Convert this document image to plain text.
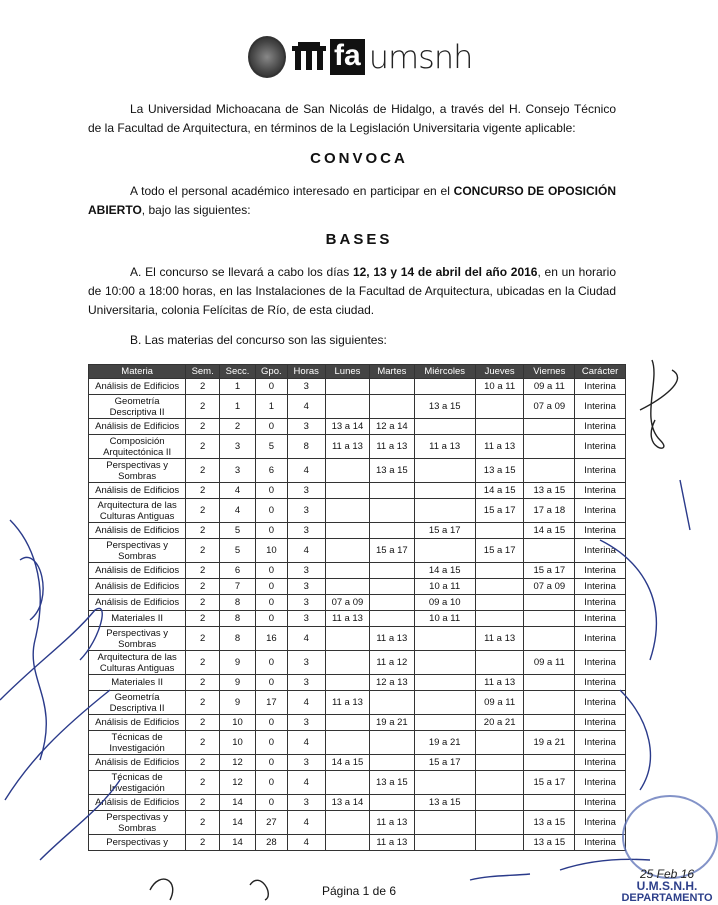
fa umsnh
La Universidad Michoacana de San Nicolás de Hidalgo, a través del H. Consejo Técnico de la Facultad de Arquitectura, en términos de la Legislación Universitaria vigente aplicable:
CONVOCA
A todo el personal académico interesado en participar en el CONCURSO DE OPOSICIÓN ABIERTO, bajo las siguientes:
BASES
A. El concurso se llevará a cabo los días 12, 13 y 14 de abril del año 2016, en un horario de 10:00 a 18:00 horas, en las Instalaciones de la Facultad de Arquitectura, ubicadas en la Ciudad Universitaria, colonia Felícitas de Río, de esta ciudad.
B. Las materias del concurso son las siguientes:
Materia	Sem.	Secc.	Gpo.	Horas	Lunes	Martes	Miércoles	Jueves	Viernes	Carácter
Análisis de Edificios	2	1	0	3				10 a 11	09 a 11	Interina
Geometría Descriptiva II	2	1	1	4			13 a 15		07 a 09	Interina
Análisis de Edificios	2	2	0	3	13 a 14	12 a 14				Interina
Composición Arquitectónica II	2	3	5	8	11 a 13	11 a 13	11 a 13	11 a 13		Interina
Perspectivas y Sombras	2	3	6	4		13 a 15		13 a 15		Interina
Análisis de Edificios	2	4	0	3				14 a 15	13 a 15	Interina
Arquitectura de las Culturas Antiguas	2	4	0	3				15 a 17	17 a 18	Interina
Análisis de Edificios	2	5	0	3			15 a 17		14 a 15	Interina
Perspectivas y Sombras	2	5	10	4		15 a 17		15 a 17		Interina
Análisis de Edificios	2	6	0	3			14 a 15		15 a 17	Interina
Análisis de Edificios	2	7	0	3			10 a 11		07 a 09	Interina
Análisis de Edificios	2	8	0	3	07 a 09		09 a 10			Interina
Materiales II	2	8	0	3	11 a 13		10 a 11			Interina
Perspectivas y Sombras	2	8	16	4		11 a 13		11 a 13		Interina
Arquitectura de las Culturas Antiguas	2	9	0	3		11 a 12			09 a 11	Interina
Materiales II	2	9	0	3		12 a 13		11 a 13		Interina
Geometría Descriptiva II	2	9	17	4	11 a 13			09 a 11		Interina
Análisis de Edificios	2	10	0	3		19 a 21		20 a 21		Interina
Técnicas de Investigación	2	10	0	4			19 a 21		19 a 21	Interina
Análisis de Edificios	2	12	0	3	14 a 15		15 a 17			Interina
Técnicas de Investigación	2	12	0	4		13 a 15			15 a 17	Interina
Análisis de Edificios	2	14	0	3	13 a 14		13 a 15			Interina
Perspectivas y Sombras	2	14	27	4		11 a 13			13 a 15	Interina
Perspectivas y	2	14	28	4		11 a 13			13 a 15	Interina
25 Feb 16
U.M.S.N.H.
DEPARTAMENTO
Página 1 de 6
